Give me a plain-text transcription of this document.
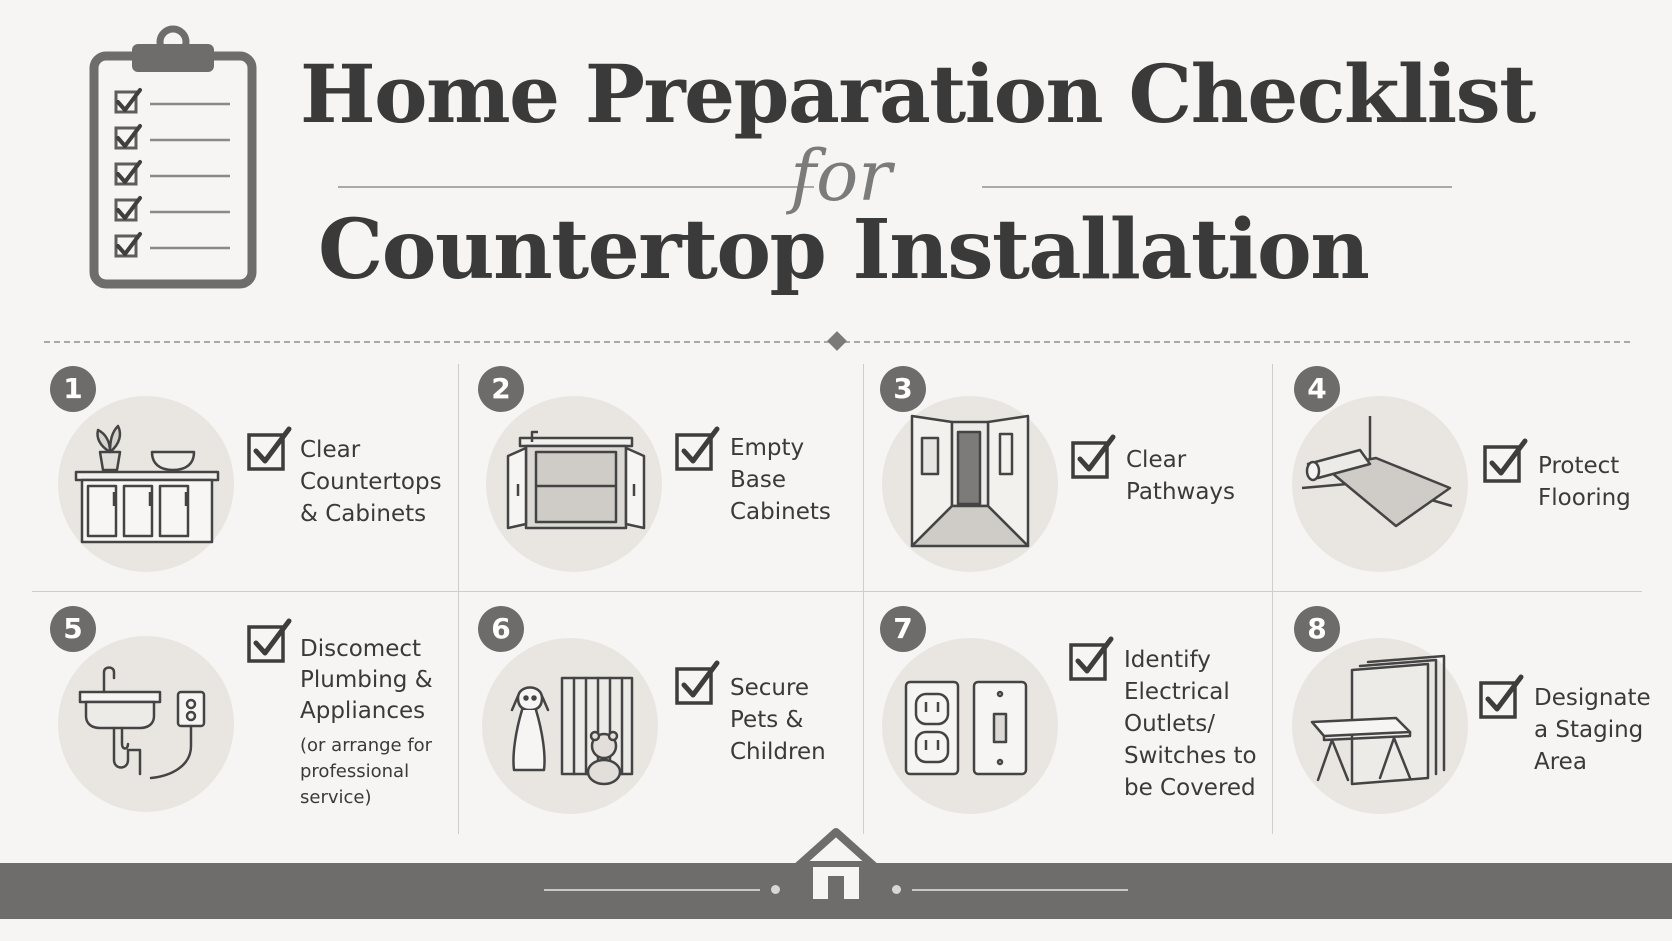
Home Preparation Checklist
for
Countertop Installation
1
Clear
Countertops
& Cabinets
2
Empty
Base
Cabinets
3
Clear
Pathways
4
Protect
Flooring
5
Discomect
Plumbing &
Appliances
(or arrange for
professional
service)
6
Secure
Pets &
Children
7
Identify
Electrical
Outlets/
Switches to
be Covered
8
Designate
a Staging
Area
